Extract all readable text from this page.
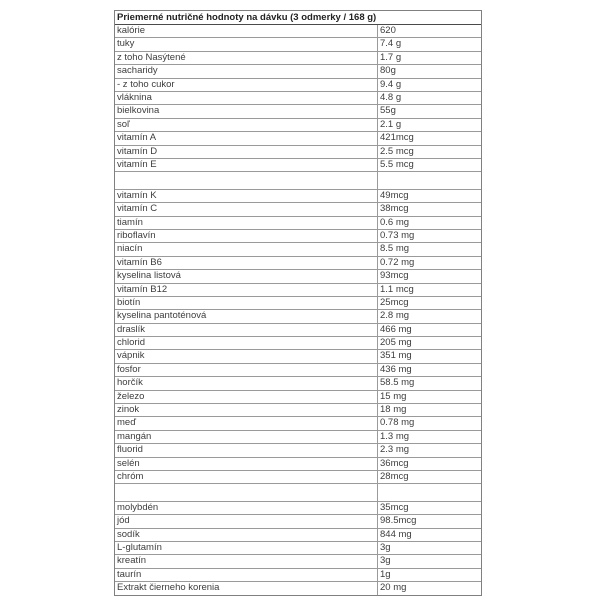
Priemerné nutričné hodnoty na dávku (3 odmerky / 168 g)
kalórie	620
tuky	7.4 g
z toho Nasýtené	1.7 g
sacharidy	80g
- z toho cukor	9.4 g
vláknina	4.8 g
bielkovina	55g
soľ	2.1 g
vitamín A	421mcg
vitamín D	2.5 mcg
vitamín E	5.5 mcg
vitamín K	49mcg
vitamín C	38mcg
tiamín	0.6 mg
riboflavín	0.73 mg
niacín	8.5 mg
vitamín B6	0.72 mg
kyselina listová	93mcg
vitamín B12	1.1 mcg
biotín	25mcg
kyselina pantoténová	2.8 mg
draslík	466 mg
chlorid	205 mg
vápnik	351 mg
fosfor	436 mg
horčík	58.5 mg
železo	15 mg
zinok	18 mg
meď	0.78 mg
mangán	1.3 mg
fluorid	2.3 mg
selén	36mcg
chróm	28mcg
molybdén	35mcg
jód	98.5mcg
sodík	844 mg
L-glutamín	3g
kreatín	3g
taurín	1g
Extrakt čierneho korenia	20 mg
